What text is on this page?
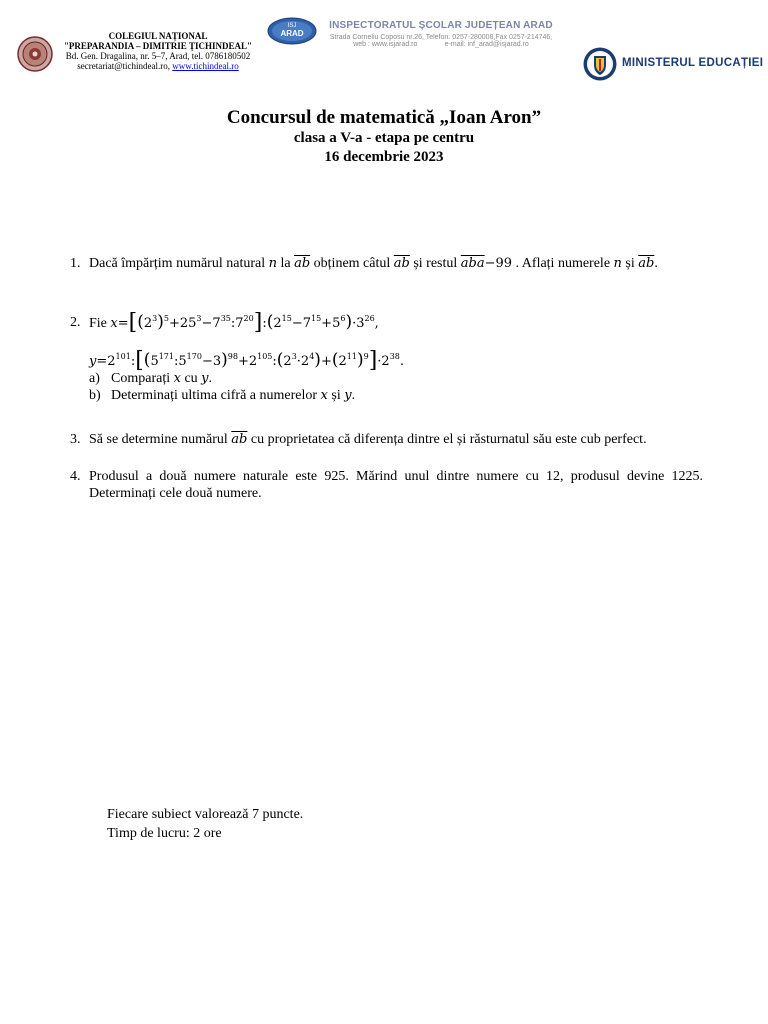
COLEGIUL NAȚIONAL
"PREPARANDIA – DIMITRIE ȚICHINDEAL"
Bd. Gen. Dragalina, nr. 5–7, Arad, tel. 0786180502
secretariat@tichindeal.ro, www.tichindeal.ro
ISJ
ARAD
INSPECTORATUL ȘCOLAR JUDEȚEAN ARAD
Strada Corneliu Coposu nr.26, Telefon: 0257-280008,Fax 0257-214746,
web : www.isjarad.ro	e-mail: inf_arad@isjarad.ro
MINISTERUL EDUCAȚIEI
Concursul de matematică „Ioan Aron”
clasa a V-a - etapa pe centru
16 decembrie 2023
1. Dacă împărțim numărul natural n la $\overline{ab}$ obținem câtul $\overline{ab}$ și restul $\overline{aba}-99$ . Aflați numerele n și $\overline{ab}$.
2. Fie $x=[(2^3)^5+25^3-7^{35}:7^{20}]:(2^{15}-7^{15}+5^6)\cdot 3^{26}$,
$y=2^{101}:[(5^{171}:5^{170}-3)^{98}+2^{105}:(2^3\cdot 2^4)+(2^{11})^9]\cdot 2^{38}$.
a) Comparați x cu y.
b) Determinați ultima cifră a numerelor x și y.
3. Să se determine numărul $\overline{ab}$ cu proprietatea că diferența dintre el și răsturnatul său este cub perfect.
4. Produsul a două numere naturale este 925. Mărind unul dintre numere cu 12, produsul devine 1225. Determinați cele două numere.
Fiecare subiect valorează 7 puncte.
Timp de lucru: 2 ore
